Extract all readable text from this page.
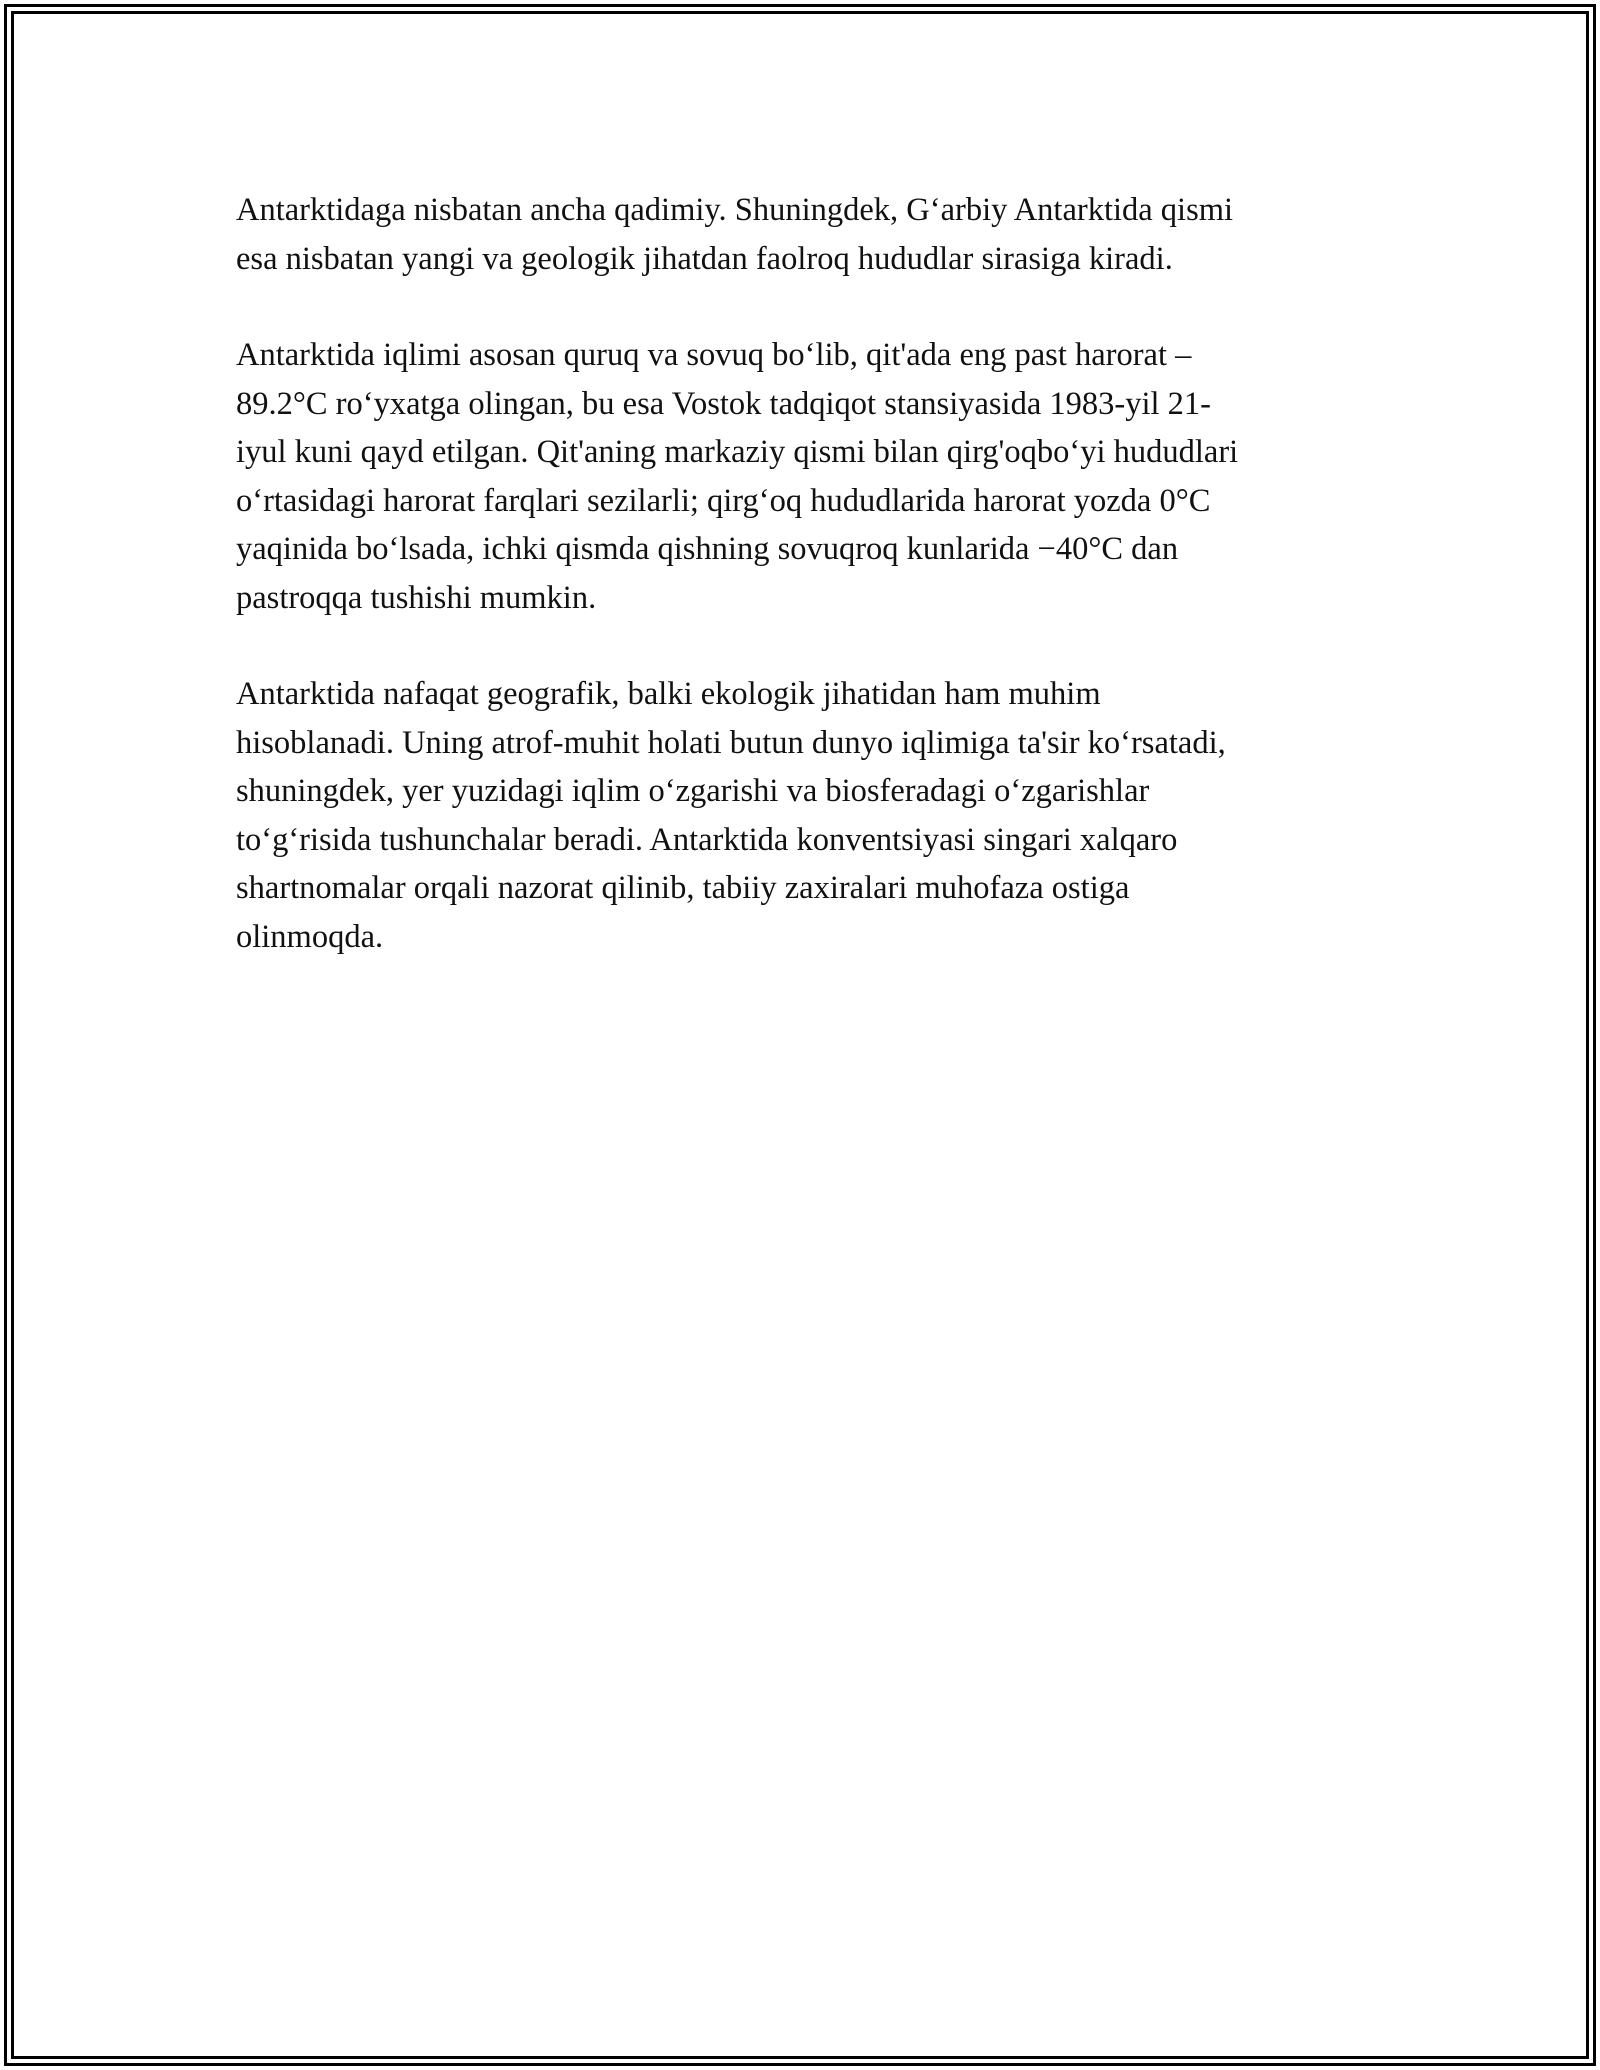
Antarktidaga nisbatan ancha qadimiy. Shuningdek, G‘arbiy Antarktida qismi
esa nisbatan yangi va geologik jihatdan faolroq hududlar sirasiga kiradi.

Antarktida iqlimi asosan quruq va sovuq bo‘lib, qit'ada eng past harorat –
89.2°C ro‘yxatga olingan, bu esa Vostok tadqiqot stansiyasida 1983-yil 21-
iyul kuni qayd etilgan. Qit'aning markaziy qismi bilan qirg'oqbo‘yi hududlari
o‘rtasidagi harorat farqlari sezilarli; qirg‘oq hududlarida harorat yozda 0°C
yaqinida bo‘lsada, ichki qismda qishning sovuqroq kunlarida −40°C dan
pastroqqa tushishi mumkin.

Antarktida nafaqat geografik, balki ekologik jihatidan ham muhim
hisoblanadi. Uning atrof-muhit holati butun dunyo iqlimiga ta'sir ko‘rsatadi,
shuningdek, yer yuzidagi iqlim o‘zgarishi va biosferadagi o‘zgarishlar
to‘g‘risida tushunchalar beradi. Antarktida konventsiyasi singari xalqaro
shartnomalar orqali nazorat qilinib, tabiiy zaxiralari muhofaza ostiga
olinmoqda.
